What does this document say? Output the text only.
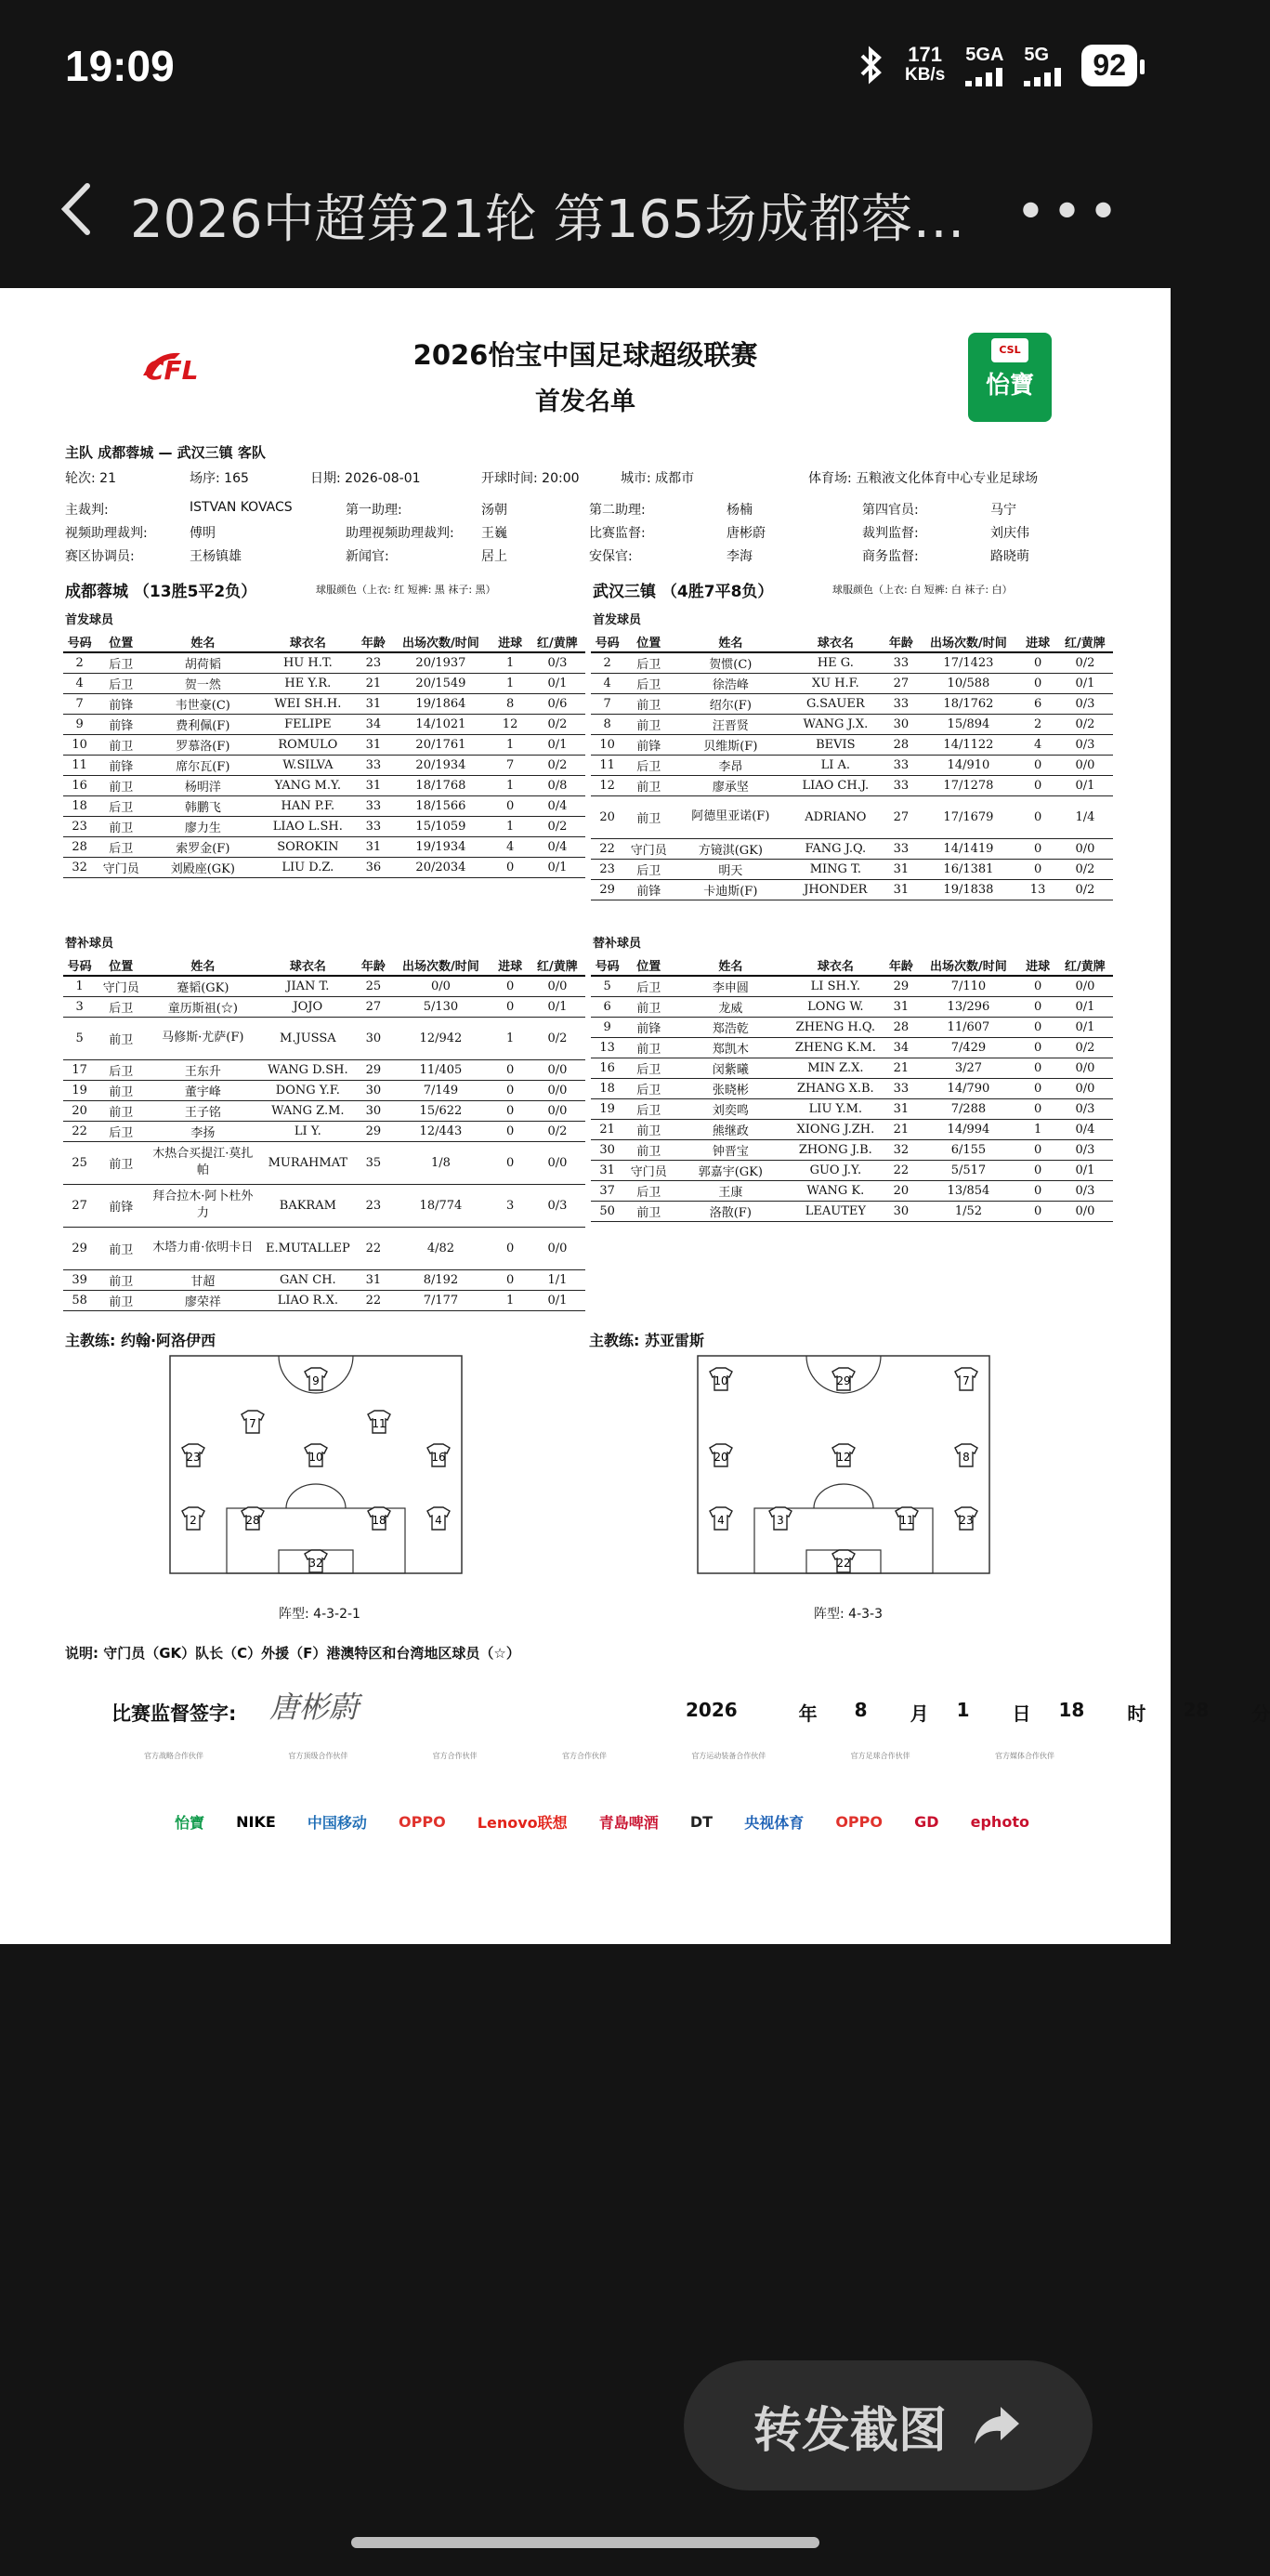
19:09	171
KB/s
5GA 5G	92
2026中超第21轮 第165场成都蓉… •••
CFL
CSL
怡寶
2026怡宝中国足球超级联赛
首发名单
主队 成都蓉城 — 武汉三镇 客队
轮次: 21	场序: 165	日期: 2026-08-01	开球时间: 20:00	城市: 成都市	体育场: 五粮液文化体育中心专业足球场
主裁判:	ISTVAN KOVACS	第一助理:	汤朝	第二助理:	杨楠	第四官员:	马宁
视频助理裁判:	傅明	助理视频助理裁判: 王巍	比赛监督:	唐彬蔚	裁判监督:	刘庆伟
赛区协调员:	王杨镇雄	新闻官:	居上	安保官:	李海	商务监督:	路晓萌
成都蓉城 （13胜5平2负）	球服颜色（上衣: 红 短裤: 黑 袜子: 黑）	武汉三镇 （4胜7平8负）	球服颜色（上衣: 白 短裤: 白 袜子: 白）
首发球员	首发球员
号码	位置	姓名	球衣名	年龄	出场次数/时间	进球	红/黄牌
2	后卫	胡荷韬	HU H.T.	23	20/1937	1	0/3
4	后卫	贺一然	HE Y.R.	21	20/1549	1	0/1
7	前锋	韦世豪(C)	WEI SH.H.	31	19/1864	8	0/6
9	前锋	费利佩(F)	FELIPE	34	14/1021	12	0/2
10	前卫	罗慕洛(F)	ROMULO	31	20/1761	1	0/1
11	前锋	席尔瓦(F)	W.SILVA	33	20/1934	7	0/2
16	前卫	杨明洋	YANG M.Y.	31	18/1768	1	0/8
18	后卫	韩鹏飞	HAN P.F.	33	18/1566	0	0/4
23	前卫	廖力生	LIAO L.SH.	33	15/1059	1	0/2
28	后卫	索罗金(F)	SOROKIN	31	19/1934	4	0/4
32	守门员	刘殿座(GK)	LIU D.Z.	36	20/2034	0	0/1
号码	位置	姓名	球衣名	年龄	出场次数/时间	进球	红/黄牌
2	后卫	贺惯(C)	HE G.	33	17/1423	0	0/2
4	后卫	徐浩峰	XU H.F.	27	10/588	0	0/1
7	前卫	绍尔(F)	G.SAUER	33	18/1762	6	0/3
8	前卫	汪晋贤	WANG J.X.	30	15/894	2	0/2
10	前锋	贝维斯(F)	BEVIS	28	14/1122	4	0/3
11	后卫	李昂	LI A.	33	14/910	0	0/0
12	前卫	廖承坚	LIAO CH.J.	33	17/1278	0	0/1
20	前卫	阿德里亚诺(F)	ADRIANO	27	17/1679	0	1/4
22	守门员	方镜淇(GK)	FANG J.Q.	33	14/1419	0	0/0
23	后卫	明天	MING T.	31	16/1381	0	0/2
29	前锋	卡迪斯(F)	JHONDER	31	19/1838	13	0/2
替补球员	替补球员
号码	位置	姓名	球衣名	年龄	出场次数/时间	进球	红/黄牌
1	守门员	蹇韬(GK)	JIAN T.	25	0/0	0	0/0
3	后卫	童历斯祖(☆)	JOJO	27	5/130	0	0/1
5	前卫	马修斯·尤萨(F)	M.JUSSA	30	12/942	1	0/2
17	后卫	王东升	WANG D.SH.	29	11/405	0	0/0
19	前卫	董宇峰	DONG Y.F.	30	7/149	0	0/0
20	前卫	王子铭	WANG Z.M.	30	15/622	0	0/0
22	后卫	李扬	LI Y.	29	12/443	0	0/2
25	前卫	木热合买提江·莫扎帕	MURAHMAT	35	1/8	0	0/0
27	前锋	拜合拉木·阿卜杜外力	BAKRAM	23	18/774	3	0/3
29	前卫	木塔力甫·依明卡日	E.MUTALLEP	22	4/82	0	0/0
39	前卫	甘超	GAN CH.	31	8/192	0	1/1
58	前卫	廖荣祥	LIAO R.X.	22	7/177	1	0/1
号码	位置	姓名	球衣名	年龄	出场次数/时间	进球	红/黄牌
5	后卫	李申圆	LI SH.Y.	29	7/110	0	0/0
6	前卫	龙威	LONG W.	31	13/296	0	0/1
9	前锋	郑浩乾	ZHENG H.Q.	28	11/607	0	0/1
13	前卫	郑凯木	ZHENG K.M.	34	7/429	0	0/2
16	后卫	闵紫曦	MIN Z.X.	21	3/27	0	0/0
18	后卫	张晓彬	ZHANG X.B.	33	14/790	0	0/0
19	后卫	刘奕鸣	LIU Y.M.	31	7/288	0	0/3
21	前卫	熊继政	XIONG J.ZH.	21	14/994	1	0/4
30	前卫	钟晋宝	ZHONG J.B.	32	6/155	0	0/3
31	守门员	郭嘉宇(GK)	GUO J.Y.	22	5/517	0	0/1
37	后卫	王康	WANG K.	20	13/854	0	0/3
50	前卫	洛散(F)	LEAUTEY	30	1/52	0	0/0
主教练: 约翰·阿洛伊西	主教练: 苏亚雷斯
9
7	11
23	10	16
2	28	18	4
32
10	29	7
20	12	8
4	3	11	23
22
阵型: 4-3-2-1	阵型: 4-3-3
说明: 守门员（GK）队长（C）外援（F）港澳特区和台湾地区球员（☆）
比赛监督签字: 唐彬蔚	2026	年 8 月 1 日 18 时 28 分
官方战略合作伙伴	官方顶级合作伙伴	官方合作伙伴	官方合作伙伴	官方运动装备合作伙伴	官方足球合作伙伴	官方媒体合作伙伴
怡寶 NIKE 中国移动 OPPO Lenovo联想 青島啤酒 DT 央视体育 OPPO GD ephoto
转发截图
